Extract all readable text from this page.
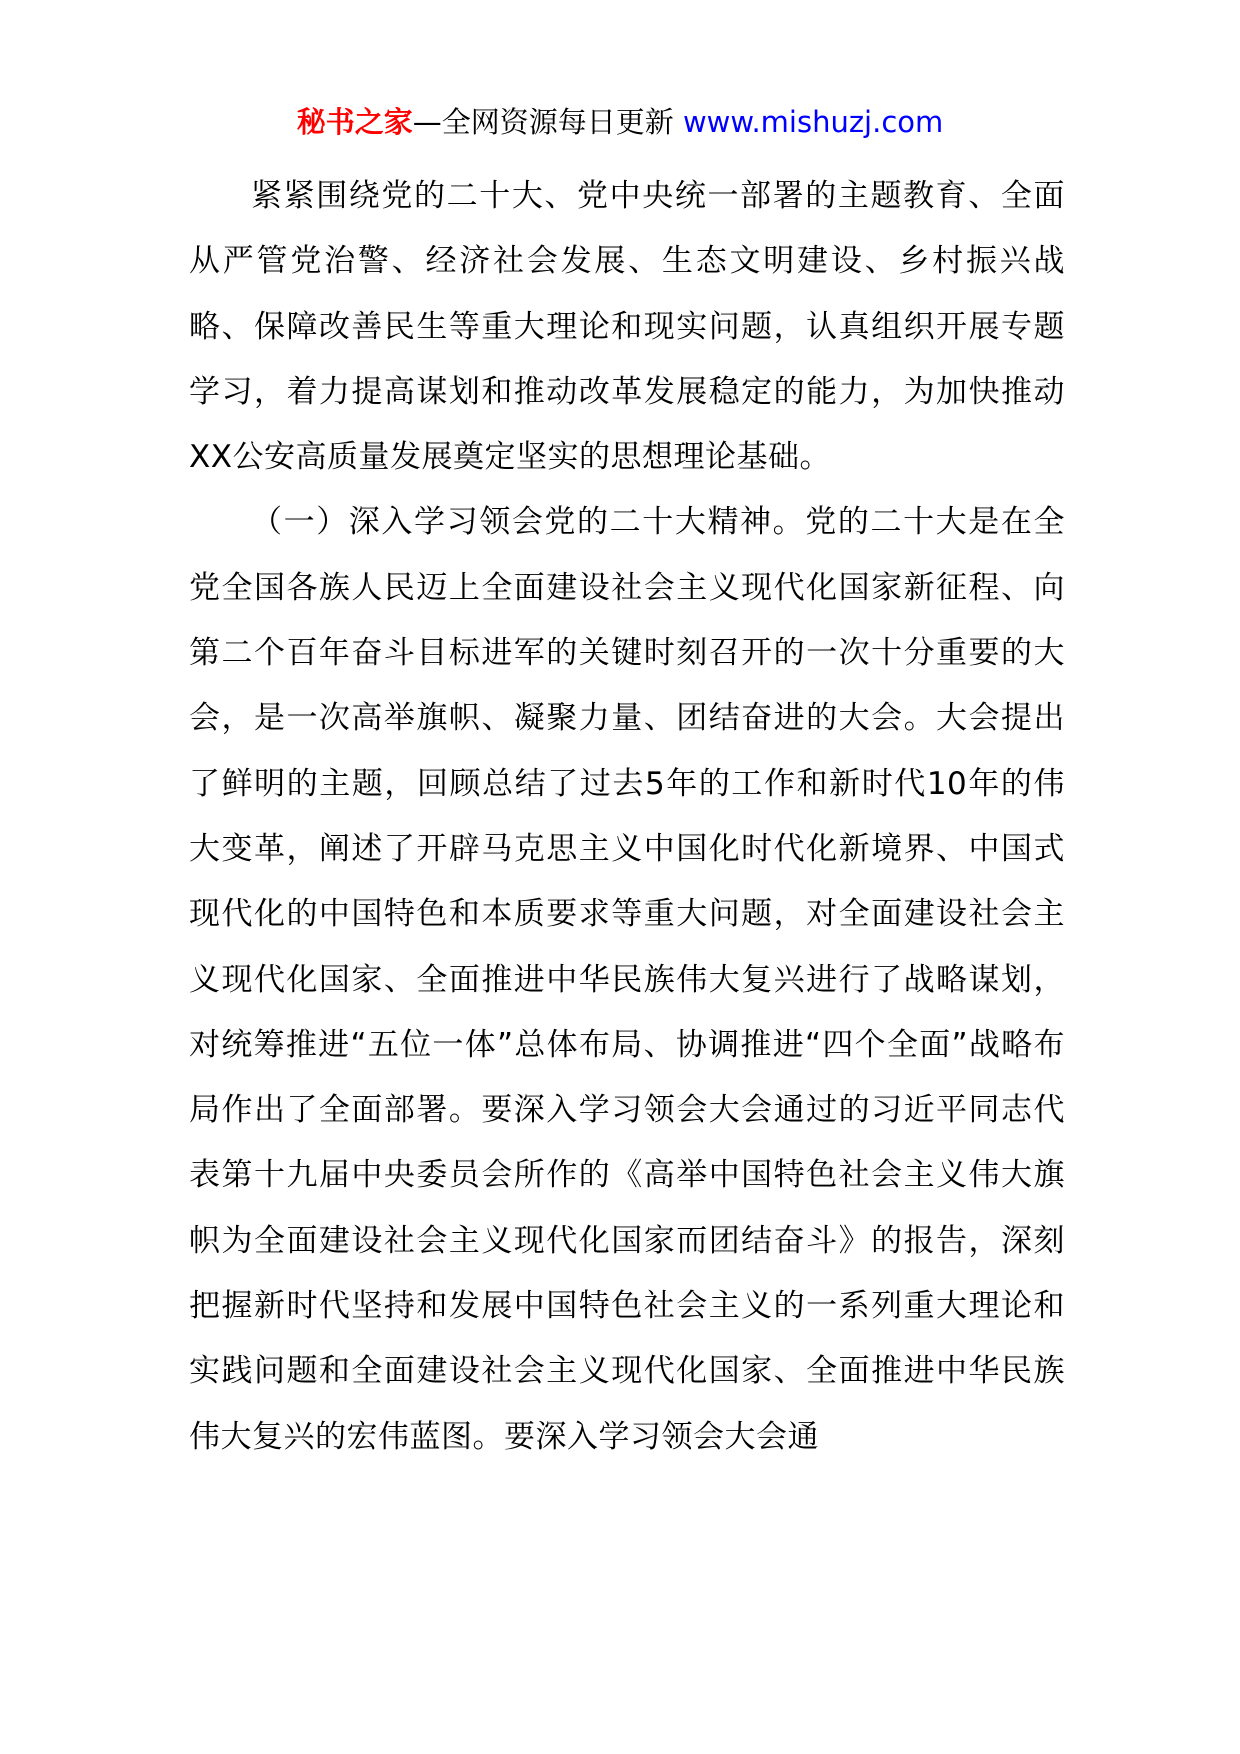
秘书之家—全网资源每日更新 www.mishuzj.com

紧紧围绕党的二十大、党中央统一部署的主题教育、全面从严管党治警、经济社会发展、生态文明建设、乡村振兴战略、保障改善民生等重大理论和现实问题，认真组织开展专题学习，着力提高谋划和推动改革发展稳定的能力，为加快推动XX公安高质量发展奠定坚实的思想理论基础。

（一）深入学习领会党的二十大精神。党的二十大是在全党全国各族人民迈上全面建设社会主义现代化国家新征程、向第二个百年奋斗目标进军的关键时刻召开的一次十分重要的大会，是一次高举旗帜、凝聚力量、团结奋进的大会。大会提出了鲜明的主题，回顾总结了过去5年的工作和新时代10年的伟大变革，阐述了开辟马克思主义中国化时代化新境界、中国式现代化的中国特色和本质要求等重大问题，对全面建设社会主义现代化国家、全面推进中华民族伟大复兴进行了战略谋划，对统筹推进“五位一体”总体布局、协调推进“四个全面”战略布局作出了全面部署。要深入学习领会大会通过的习近平同志代表第十九届中央委员会所作的《高举中国特色社会主义伟大旗帜为全面建设社会主义现代化国家而团结奋斗》的报告，深刻把握新时代坚持和发展中国特色社会主义的一系列重大理论和实践问题和全面建设社会主义现代化国家、全面推进中华民族伟大复兴的宏伟蓝图。要深入学习领会大会通
